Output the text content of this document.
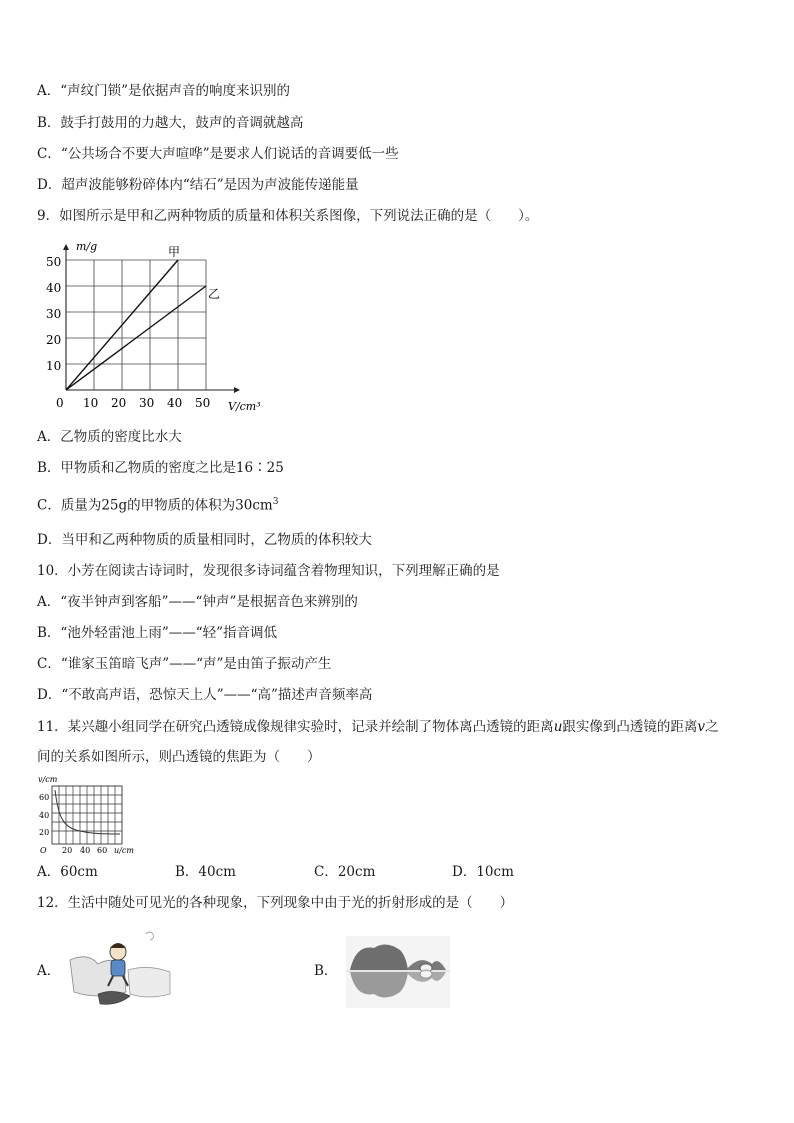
A．“声纹门锁”是依据声音的响度来识别的
B．鼓手打鼓用的力越大，鼓声的音调就越高
C．“公共场合不要大声喧哗”是要求人们说话的音调要低一些
D．超声波能够粉碎体内“结石”是因为声波能传递能量
9．如图所示是甲和乙两种物质的质量和体积关系图像，下列说法正确的是（　　）。
m/g
V/cm³
0
10
20
30
40
50
10 20 30 40 50
甲
乙
A．乙物质的密度比水大
B．甲物质和乙物质的密度之比是16∶25
C．质量为25g的甲物质的体积为$30cm^3$
D．当甲和乙两种物质的质量相同时，乙物质的体积较大
10．小芳在阅读古诗词时，发现很多诗词蕴含着物理知识，下列理解正确的是
A．“夜半钟声到客船”——“钟声”是根据音色来辨别的
B．“池外轻雷池上雨”——“轻”指音调低
C．“谁家玉笛暗飞声”——“声”是由笛子振动产生
D．“不敢高声语，恐惊天上人”——“高”描述声音频率高
11．某兴趣小组同学在研究凸透镜成像规律实验时，记录并绘制了物体离凸透镜的距离u跟实像到凸透镜的距离v之
间的关系如图所示，则凸透镜的焦距为（　　）
v/cm
60
40
20
O 20 40 60 u/cm
A．60cm	B．40cm	C．20cm	D．10cm
12．生活中随处可见光的各种现象，下列现象中由于光的折射形成的是（　　）
A．	B．
